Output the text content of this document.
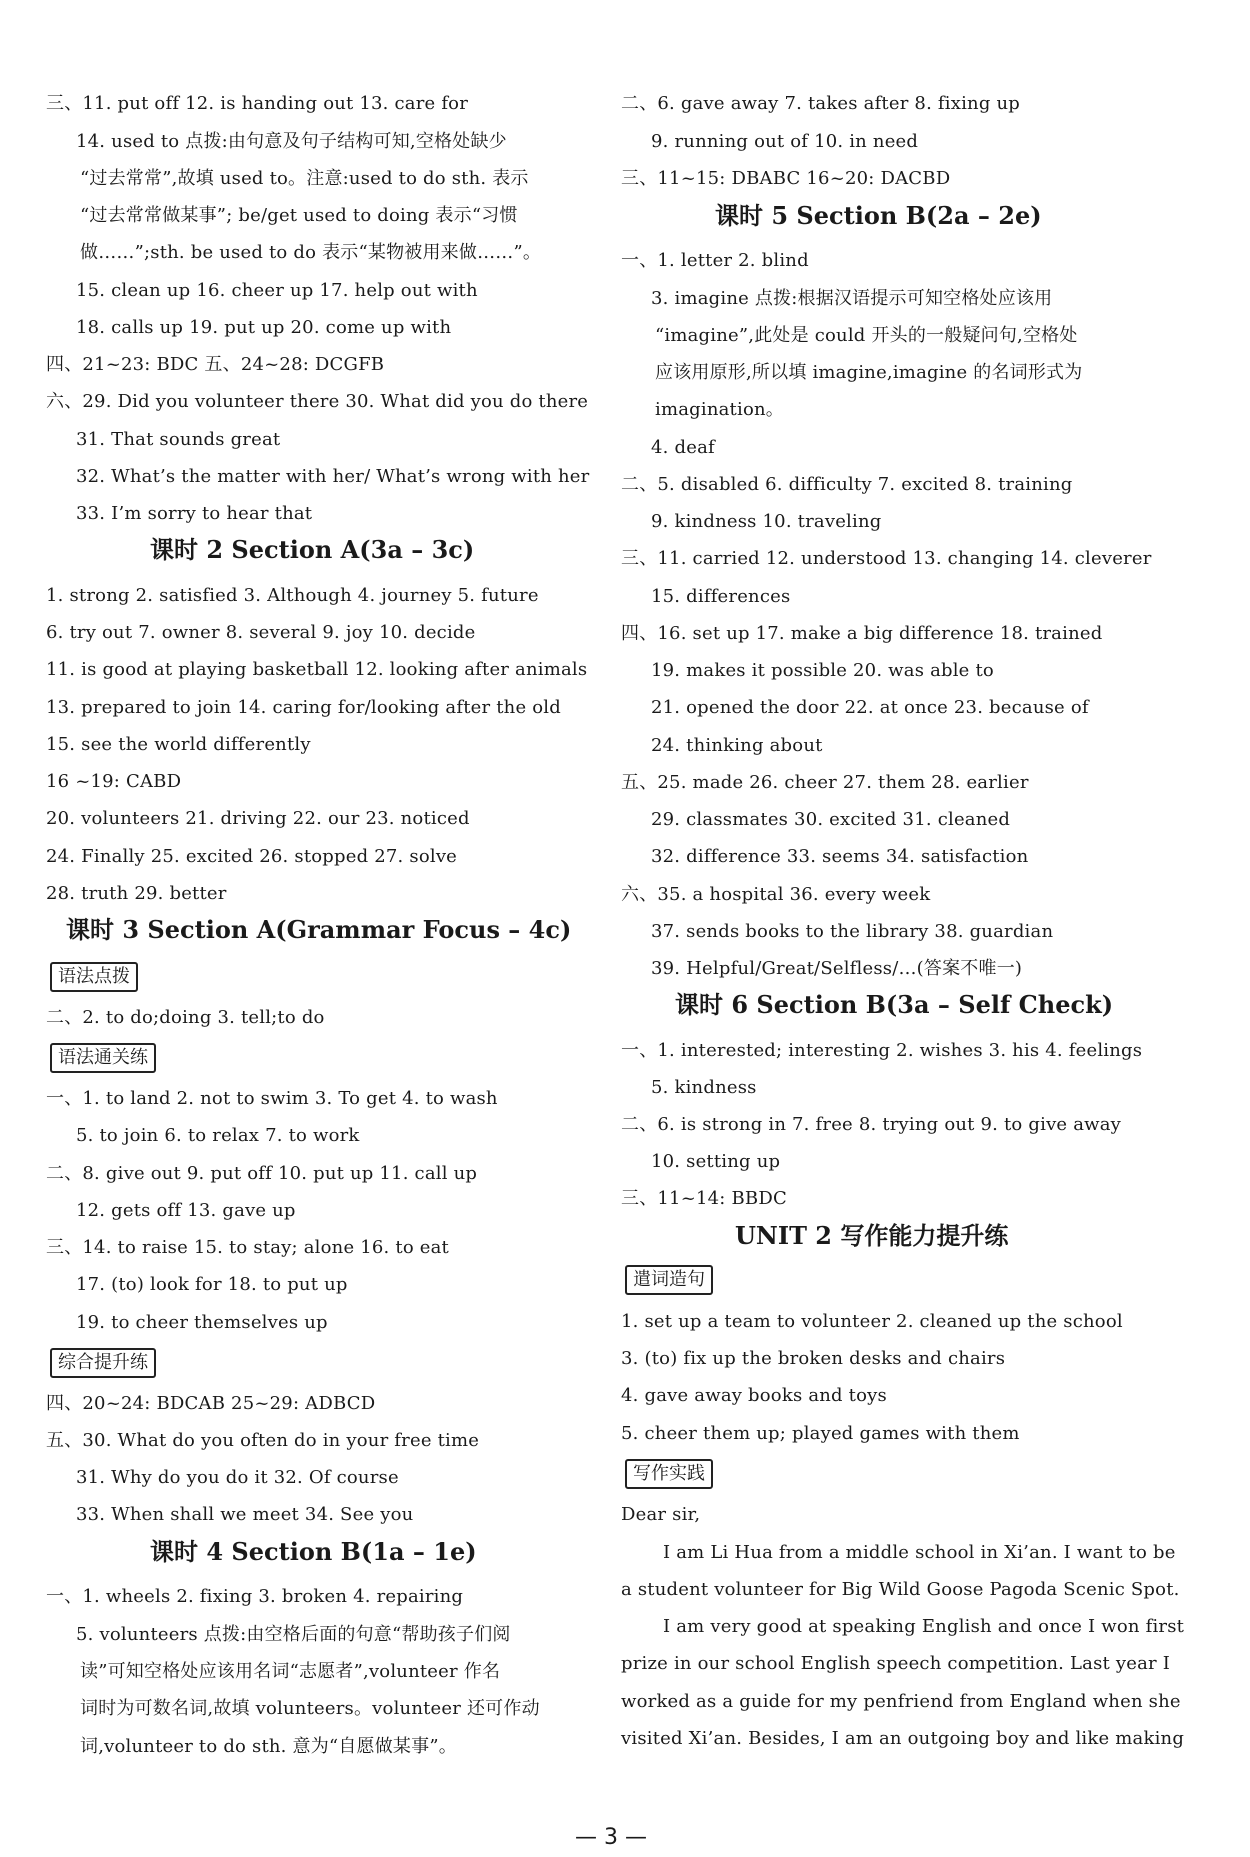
三、11. put off 12. is handing out 13. care for
14. used to 点拨:由句意及句子结构可知,空格处缺少
“过去常常”,故填 used to。注意:used to do sth. 表示
“过去常常做某事”; be/get used to doing 表示“习惯
做……”;sth. be used to do 表示“某物被用来做……”。
15. clean up 16. cheer up 17. help out with
18. calls up 19. put up 20. come up with
四、21~23: BDC 五、24~28: DCGFB
六、29. Did you volunteer there 30. What did you do there
31. That sounds great
32. What’s the matter with her/ What’s wrong with her
33. I’m sorry to hear that
课时 2 Section A(3a – 3c)
1. strong 2. satisfied 3. Although 4. journey 5. future
6. try out 7. owner 8. several 9. joy 10. decide
11. is good at playing basketball 12. looking after animals
13. prepared to join 14. caring for/looking after the old
15. see the world differently
16 ~19: CABD
20. volunteers 21. driving 22. our 23. noticed
24. Finally 25. excited 26. stopped 27. solve
28. truth 29. better
课时 3 Section A(Grammar Focus – 4c)
语法点拨
二、2. to do;doing 3. tell;to do
语法通关练
一、1. to land 2. not to swim 3. To get 4. to wash
5. to join 6. to relax 7. to work
二、8. give out 9. put off 10. put up 11. call up
12. gets off 13. gave up
三、14. to raise 15. to stay; alone 16. to eat
17. (to) look for 18. to put up
19. to cheer themselves up
综合提升练
四、20~24: BDCAB 25~29: ADBCD
五、30. What do you often do in your free time
31. Why do you do it 32. Of course
33. When shall we meet 34. See you
课时 4 Section B(1a – 1e)
一、1. wheels 2. fixing 3. broken 4. repairing
5. volunteers 点拨:由空格后面的句意“帮助孩子们阅
读”可知空格处应该用名词“志愿者”,volunteer 作名
词时为可数名词,故填 volunteers。volunteer 还可作动
词,volunteer to do sth. 意为“自愿做某事”。
二、6. gave away 7. takes after 8. fixing up
9. running out of 10. in need
三、11~15: DBABC 16~20: DACBD
课时 5 Section B(2a – 2e)
一、1. letter 2. blind
3. imagine 点拨:根据汉语提示可知空格处应该用
“imagine”,此处是 could 开头的一般疑问句,空格处
应该用原形,所以填 imagine,imagine 的名词形式为
imagination。
4. deaf
二、5. disabled 6. difficulty 7. excited 8. training
9. kindness 10. traveling
三、11. carried 12. understood 13. changing 14. cleverer
15. differences
四、16. set up 17. make a big difference 18. trained
19. makes it possible 20. was able to
21. opened the door 22. at once 23. because of
24. thinking about
五、25. made 26. cheer 27. them 28. earlier
29. classmates 30. excited 31. cleaned
32. difference 33. seems 34. satisfaction
六、35. a hospital 36. every week
37. sends books to the library 38. guardian
39. Helpful/Great/Selfless/…(答案不唯一)
课时 6 Section B(3a – Self Check)
一、1. interested; interesting 2. wishes 3. his 4. feelings
5. kindness
二、6. is strong in 7. free 8. trying out 9. to give away
10. setting up
三、11~14: BBDC
UNIT 2 写作能力提升练
遣词造句
1. set up a team to volunteer 2. cleaned up the school
3. (to) fix up the broken desks and chairs
4. gave away books and toys
5. cheer them up; played games with them
写作实践
Dear sir,
I am Li Hua from a middle school in Xi’an. I want to be
a student volunteer for Big Wild Goose Pagoda Scenic Spot.
I am very good at speaking English and once I won first
prize in our school English speech competition. Last year I
worked as a guide for my penfriend from England when she
visited Xi’an. Besides, I am an outgoing boy and like making
— 3 —
